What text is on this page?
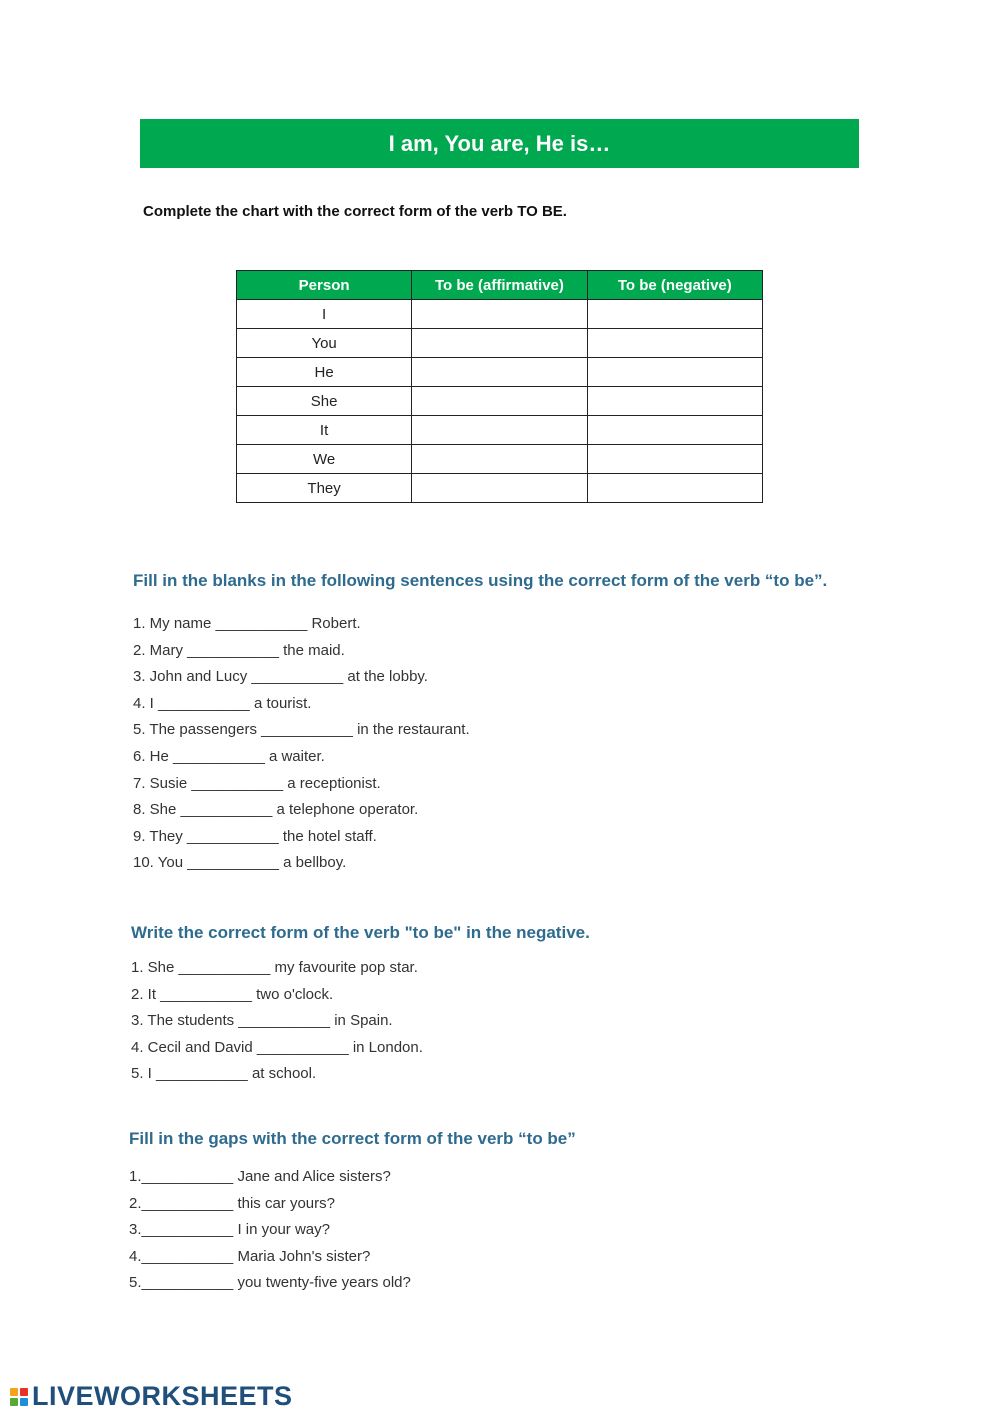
I am, You are, He is…
Complete the chart with the correct form of the verb TO BE.
Person	To be (affirmative)	To be (negative)
I		
You		
He		
She		
It		
We		
They		
Fill in the blanks in the following sentences using the correct form of the verb “to be”.
1. My name ___________ Robert.
2. Mary ___________ the maid.
3. John and Lucy ___________ at the lobby.
4. I ___________ a tourist.
5. The passengers ___________ in the restaurant.
6. He ___________ a waiter.
7. Susie ___________ a receptionist.
8. She ___________ a telephone operator.
9. They ___________ the hotel staff.
10. You ___________ a bellboy.
Write the correct form of the verb "to be" in the negative.
1. She ___________ my favourite pop star.
2. It ___________ two o'clock.
3. The students ___________ in Spain.
4. Cecil and David ___________ in London.
5. I ___________ at school.
Fill in the gaps with the correct form of the verb “to be”
1.___________ Jane and Alice sisters?
2.___________ this car yours?
3.___________ I in your way?
4.___________ Maria John's sister?
5.___________ you twenty-five years old?
LIVEWORKSHEETS
